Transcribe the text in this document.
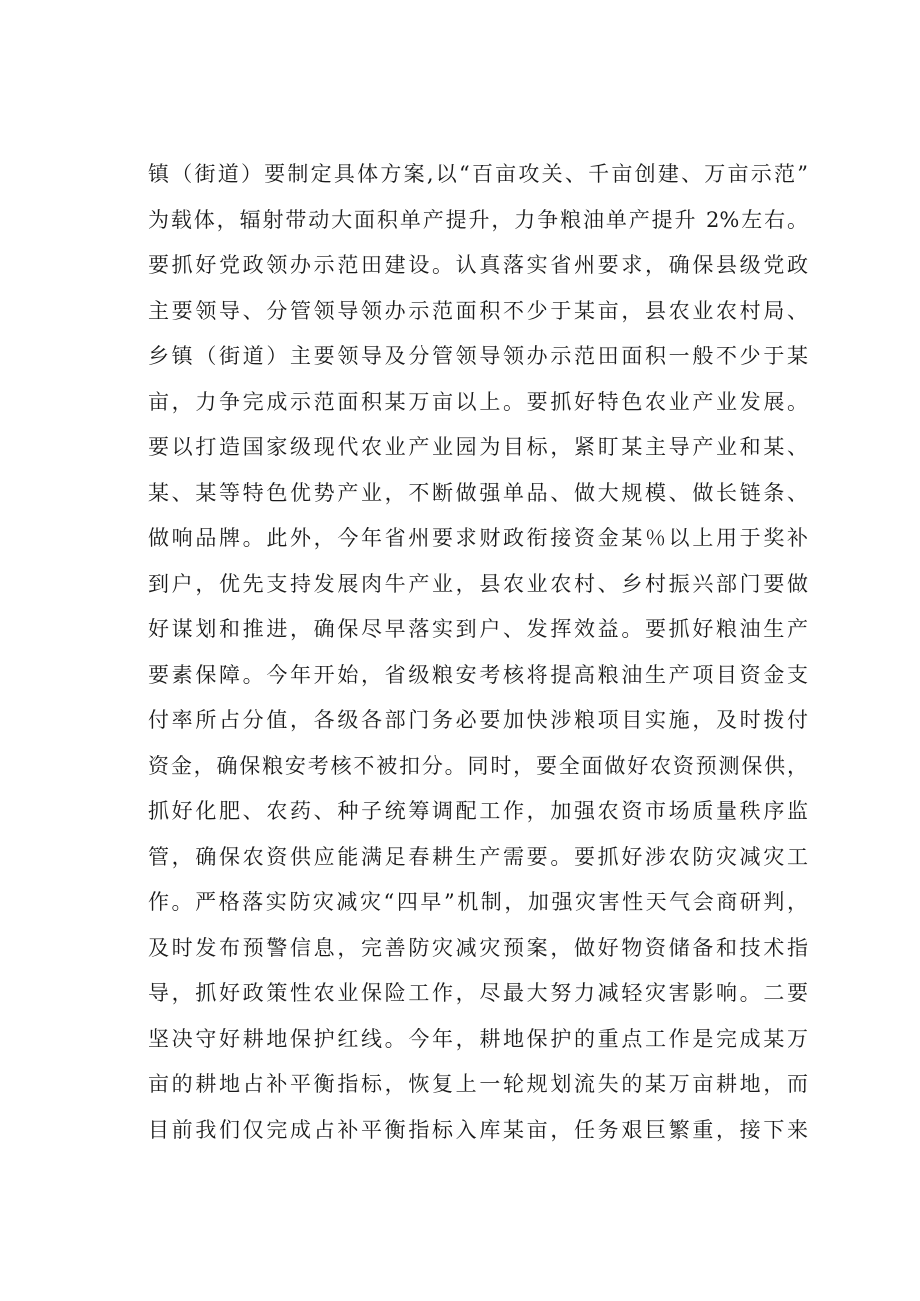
镇（街道）要制定具体方案,以“百亩攻关、千亩创建、万亩示范”
为载体，辐射带动大面积单产提升，力争粮油单产提升 2%左右。
要抓好党政领办示范田建设。认真落实省州要求，确保县级党政
主要领导、分管领导领办示范面积不少于某亩，县农业农村局、
乡镇（街道）主要领导及分管领导领办示范田面积一般不少于某
亩，力争完成示范面积某万亩以上。要抓好特色农业产业发展。
要以打造国家级现代农业产业园为目标，紧盯某主导产业和某、
某、某等特色优势产业，不断做强单品、做大规模、做长链条、
做响品牌。此外，今年省州要求财政衔接资金某％以上用于奖补
到户，优先支持发展肉牛产业，县农业农村、乡村振兴部门要做
好谋划和推进，确保尽早落实到户、发挥效益。要抓好粮油生产
要素保障。今年开始，省级粮安考核将提高粮油生产项目资金支
付率所占分值，各级各部门务必要加快涉粮项目实施，及时拨付
资金，确保粮安考核不被扣分。同时，要全面做好农资预测保供，
抓好化肥、农药、种子统筹调配工作，加强农资市场质量秩序监
管，确保农资供应能满足春耕生产需要。要抓好涉农防灾减灾工
作。严格落实防灾减灾“四早”机制，加强灾害性天气会商研判，
及时发布预警信息，完善防灾减灾预案，做好物资储备和技术指
导，抓好政策性农业保险工作，尽最大努力减轻灾害影响。二要
坚决守好耕地保护红线。今年，耕地保护的重点工作是完成某万
亩的耕地占补平衡指标，恢复上一轮规划流失的某万亩耕地，而
目前我们仅完成占补平衡指标入库某亩，任务艰巨繁重，接下来
